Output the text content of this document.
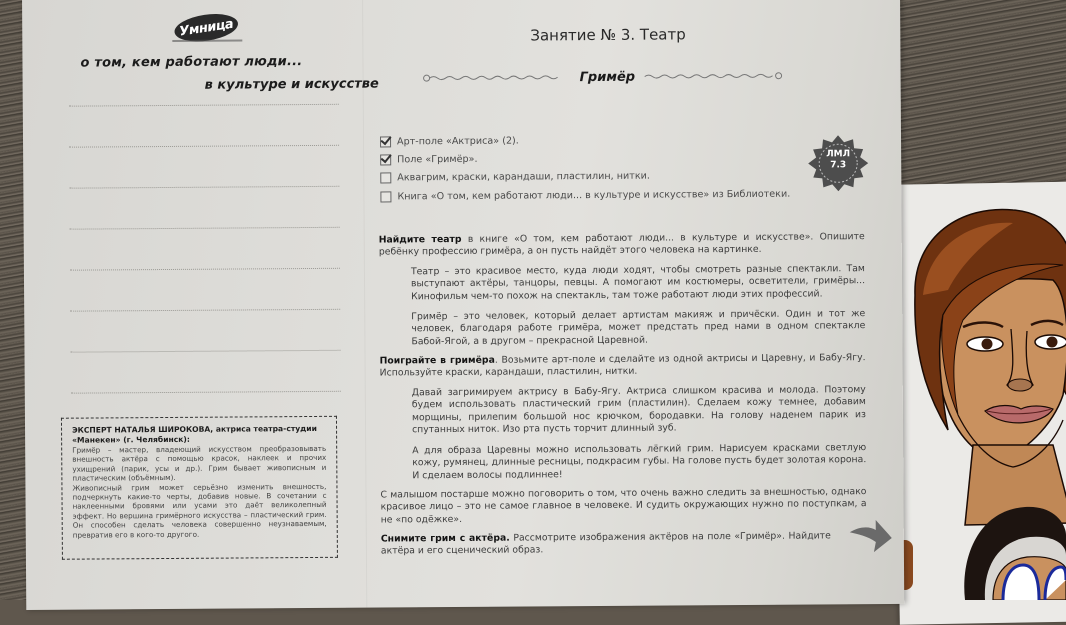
Умница
о том, кем работают люди...
в культуре и искусстве
ЭКСПЕРТ НАТАЛЬЯ ШИРОКОВА, актриса театра-студии «Манекен» (г. Челябинск):

Гримёр – мастер, владеющий искусством преобразовывать внешность актёра с помощью красок, наклеек и прочих ухищрений (парик, усы и др.). Грим бывает живописным и пластическим (объёмным).

Живописный грим может серьёзно изменить внешность, подчеркнуть какие-то черты, добавив новые. В сочетании с наклеенными бровями или усами это даёт великолепный эффект. Но вершина гримёрного искусства – пластический грим. Он способен сделать человека совершенно неузнаваемым, превратив его в кого-то другого.

Занятие № 3. Театр
Гримёр
Арт-поле «Актриса» (2).
Поле «Гримёр».
Аквагрим, краски, карандаши, пластилин, нитки.
Книга «О том, кем работают люди... в культуре и искусстве» из Библиотеки.
ЛМЛ
7.3
Найдите театр в книге «О том, кем работают люди... в культуре и искусстве». Опишите ребёнку профессию гримёра, а он пусть найдёт этого человека на картинке.
Театр – это красивое место, куда люди ходят, чтобы смотреть разные спектакли. Там выступают актёры, танцоры, певцы. А помогают им костюмеры, осветители, гримёры... Кинофильм чем-то похож на спектакль, там тоже работают люди этих профессий.
Гримёр – это человек, который делает артистам макияж и причёски. Один и тот же человек, благодаря работе гримёра, может предстать пред нами в одном спектакле Бабой-Ягой, а в другом – прекрасной Царевной.
Поиграйте в гримёра. Возьмите арт-поле и сделайте из одной актрисы и Царевну, и Бабу-Ягу. Используйте краски, карандаши, пластилин, нитки.
Давай загримируем актрису в Бабу-Ягу. Актриса слишком красива и молода. Поэтому будем использовать пластический грим (пластилин). Сделаем кожу темнее, добавим морщины, прилепим большой нос крючком, бородавки. На голову наденем парик из спутанных ниток. Изо рта пусть торчит длинный зуб.
А для образа Царевны можно использовать лёгкий грим. Нарисуем красками светлую кожу, румянец, длинные ресницы, подкрасим губы. На голове пусть будет золотая корона. И сделаем волосы подлиннее!
С малышом постарше можно поговорить о том, что очень важно следить за внешностью, однако красивое лицо – это не самое главное в человеке. И судить окружающих нужно по поступкам, а не «по одёжке».
Снимите грим с актёра. Рассмотрите изображения актёров на поле «Гримёр». Найдите актёра и его сценический образ.
